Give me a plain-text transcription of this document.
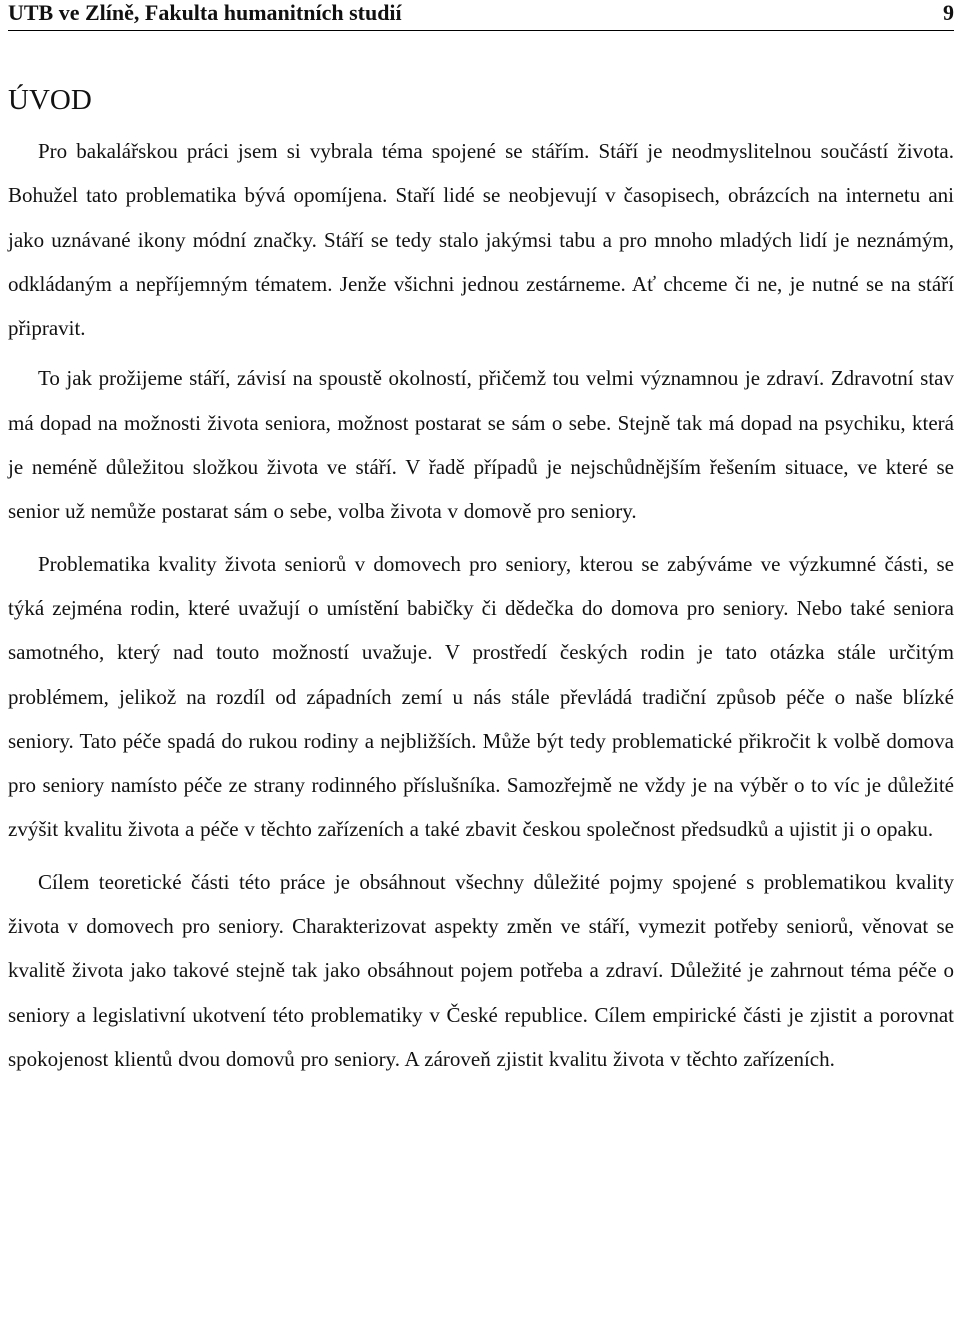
UTB ve Zlíně, Fakulta humanitních studií	9
ÚVOD

Pro bakalářskou práci jsem si vybrala téma spojené se stářím. Stáří je neodmyslitelnou součástí života. Bohužel tato problematika bývá opomíjena. Staří lidé se neobjevují v časopisech, obrázcích na internetu ani jako uznávané ikony módní značky. Stáří se tedy stalo jakýmsi tabu a pro mnoho mladých lidí je neznámým, odkládaným a nepříjemným tématem. Jenže všichni jednou zestárneme. Ať chceme či ne, je nutné se na stáří připravit.

To jak prožijeme stáří, závisí na spoustě okolností, přičemž tou velmi významnou je zdraví. Zdravotní stav má dopad na možnosti života seniora, možnost postarat se sám o sebe. Stejně tak má dopad na psychiku, která je neméně důležitou složkou života ve stáří. V řadě případů je nejschůdnějším řešením situace, ve které se senior už nemůže postarat sám o sebe, volba života v domově pro seniory.

Problematika kvality života seniorů v domovech pro seniory, kterou se zabýváme ve výzkumné části, se týká zejména rodin, které uvažují o umístění babičky či dědečka do domova pro seniory. Nebo také seniora samotného, který nad touto možností uvažuje. V prostředí českých rodin je tato otázka stále určitým problémem, jelikož na rozdíl od západních zemí u nás stále převládá tradiční způsob péče o naše blízké seniory. Tato péče spadá do rukou rodiny a nejbližších. Může být tedy problematické přikročit k volbě domova pro seniory namísto péče ze strany rodinného příslušníka. Samozřejmě ne vždy je na výběr o to víc je důležité zvýšit kvalitu života a péče v těchto zařízeních a také zbavit českou společnost předsudků a ujistit ji o opaku.

Cílem teoretické části této práce je obsáhnout všechny důležité pojmy spojené s problematikou kvality života v domovech pro seniory. Charakterizovat aspekty změn ve stáří, vymezit potřeby seniorů, věnovat se kvalitě života jako takové stejně tak jako obsáhnout pojem potřeba a zdraví. Důležité je zahrnout téma péče o seniory a legislativní ukotvení této problematiky v České republice. Cílem empirické části je zjistit a porovnat spokojenost klientů dvou domovů pro seniory. A zároveň zjistit kvalitu života v těchto zařízeních.
